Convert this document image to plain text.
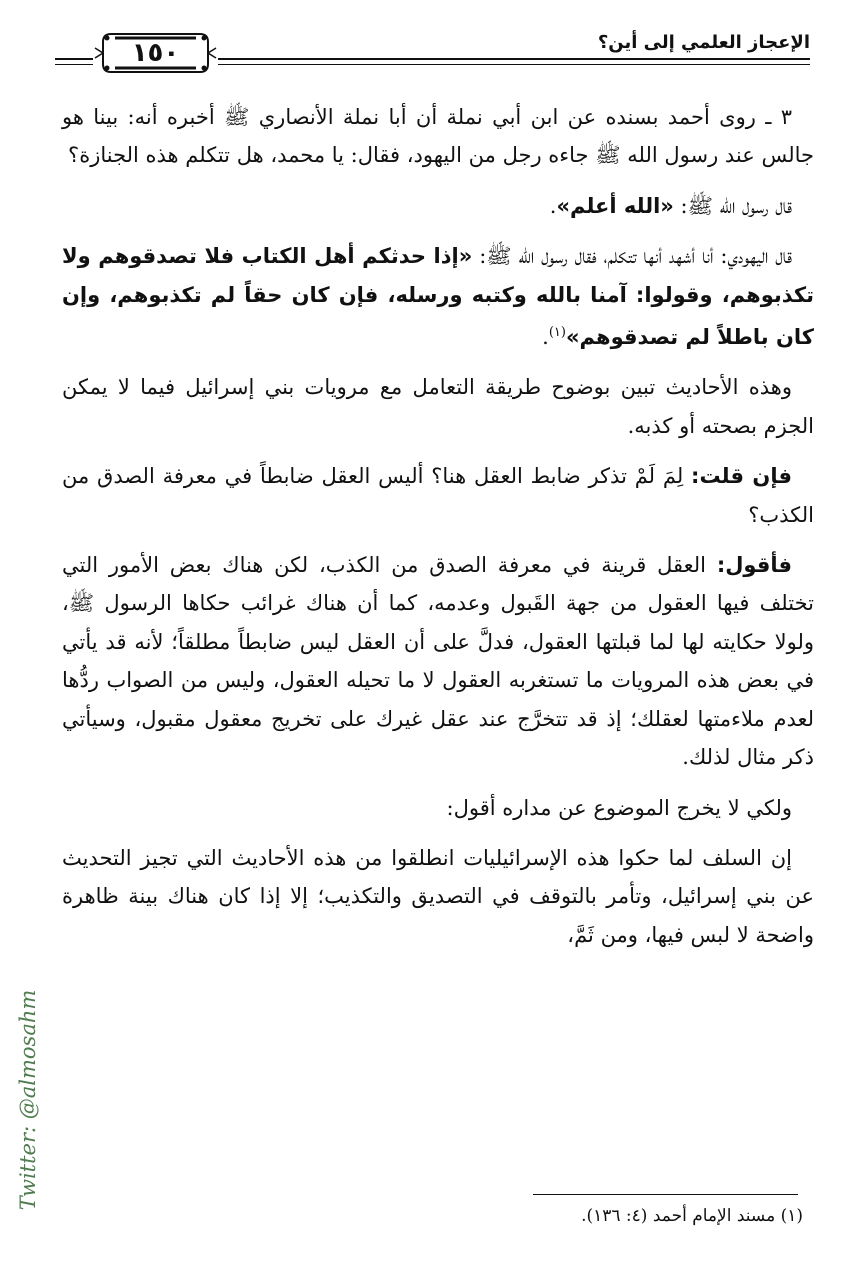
الإعجاز العلمي إلى أين؟
١٥٠

٣ ـ روى أحمد بسنده عن ابن أبي نملة أن أبا نملة الأنصاري ﷺ أخبره أنه: بينا هو جالس عند رسول الله ﷺ جاءه رجل من اليهود، فقال: يا محمد، هل تتكلم هذه الجنازة؟

قال رسول الله ﷺ: «الله أعلم».

قال اليهودي: أنا أشهد أنها تتكلم، فقال رسول الله ﷺ: «إذا حدثكم أهل الكتاب فلا تصدقوهم ولا تكذبوهم، وقولوا: آمنا بالله وكتبه ورسله، فإن كان حقاً لم تكذبوهم، وإن كان باطلاً لم تصدقوهم»$^{(١)}$.

وهذه الأحاديث تبين بوضوح طريقة التعامل مع مرويات بني إسرائيل فيما لا يمكن الجزم بصحته أو كذبه.

فإن قلت: لِمَ لَمْ تذكر ضابط العقل هنا؟ أليس العقل ضابطاً في معرفة الصدق من الكذب؟

فأقول: العقل قرينة في معرفة الصدق من الكذب، لكن هناك بعض الأمور التي تختلف فيها العقول من جهة القَبول وعدمه، كما أن هناك غرائب حكاها الرسول ﷺ، ولولا حكايته لها لما قبلتها العقول، فدلَّ على أن العقل ليس ضابطاً مطلقاً؛ لأنه قد يأتي في بعض هذه المرويات ما تستغربه العقول لا ما تحيله العقول، وليس من الصواب ردُّها لعدم ملاءمتها لعقلك؛ إذ قد تتخرَّج عند عقل غيرك على تخريج معقول مقبول، وسيأتي ذكر مثال لذلك.

ولكي لا يخرج الموضوع عن مداره أقول:

إن السلف لما حكوا هذه الإسرائيليات انطلقوا من هذه الأحاديث التي تجيز التحديث عن بني إسرائيل، وتأمر بالتوقف في التصديق والتكذيب؛ إلا إذا كان هناك بينة ظاهرة واضحة لا لبس فيها، ومن ثَمَّ،

Twitter: @almosahm
(١) مسند الإمام أحمد (٤: ١٣٦).
